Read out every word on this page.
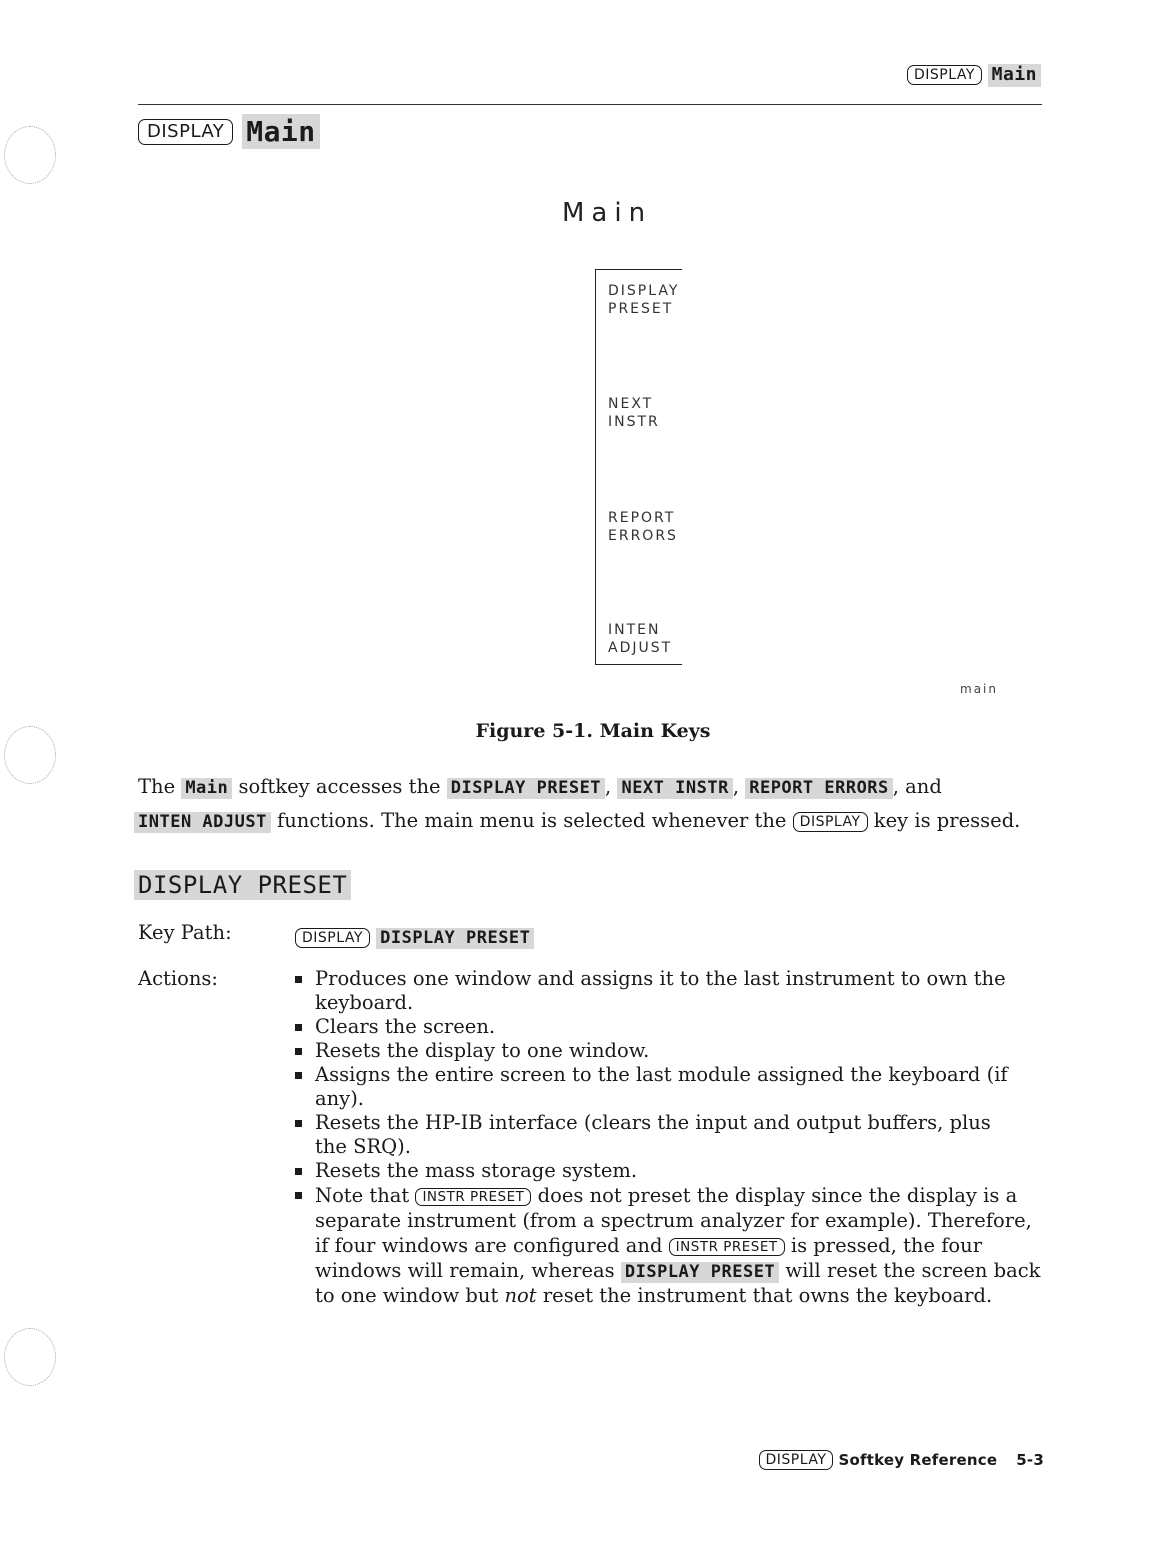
DISPLAY Main
DISPLAY Main
Main
DISPLAY
PRESET
NEXT
INSTR
REPORT
ERRORS
INTEN
ADJUST
main
Figure 5-1. Main Keys
The Main softkey accesses the DISPLAY PRESET , NEXT INSTR , REPORT ERRORS , and
INTEN ADJUST functions. The main menu is selected whenever the DISPLAY key is pressed.
DISPLAY PRESET
Key Path:	DISPLAY DISPLAY PRESET
Actions:	Produces one window and assigns it to the last instrument to own the keyboard.
Clears the screen.
Resets the display to one window.
Assigns the entire screen to the last module assigned the keyboard (if any).
Resets the HP-IB interface (clears the input and output buffers, plus the SRQ).
Resets the mass storage system.
Note that INSTR PRESET does not preset the display since the display is a separate instrument (from a spectrum analyzer for example). Therefore, if four windows are configured and INSTR PRESET is pressed, the four windows will remain, whereas DISPLAY PRESET will reset the screen back to one window but not reset the instrument that owns the keyboard.
DISPLAY Softkey Reference 5-3
